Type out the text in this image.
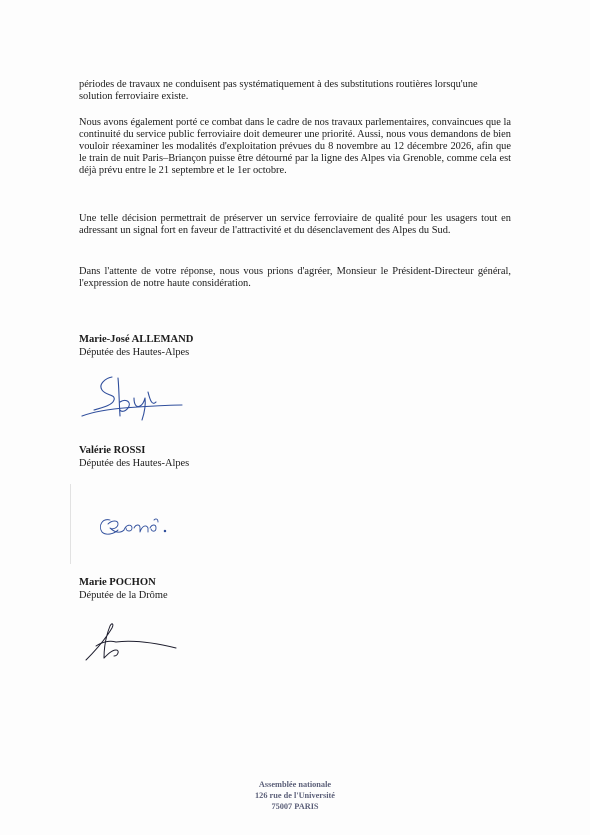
périodes de travaux ne conduisent pas systématiquement à des substitutions routières lorsqu'une solution ferroviaire existe.

Nous avons également porté ce combat dans le cadre de nos travaux parlementaires, convaincues que la continuité du service public ferroviaire doit demeurer une priorité. Aussi, nous vous demandons de bien vouloir réexaminer les modalités d'exploitation prévues du 8 novembre au 12 décembre 2026, afin que le train de nuit Paris–Briançon puisse être détourné par la ligne des Alpes via Grenoble, comme cela est déjà prévu entre le 21 septembre et le 1er octobre.

Une telle décision permettrait de préserver un service ferroviaire de qualité pour les usagers tout en adressant un signal fort en faveur de l'attractivité et du désenclavement des Alpes du Sud.

Dans l'attente de votre réponse, nous vous prions d'agréer, Monsieur le Président-Directeur général, l'expression de notre haute considération.

Marie-José ALLEMAND

Députée des Hautes-Alpes

Valérie ROSSI

Députée des Hautes-Alpes

Marie POCHON

Députée de la Drôme

Assemblée nationale

126 rue de l'Université

75007 PARIS
